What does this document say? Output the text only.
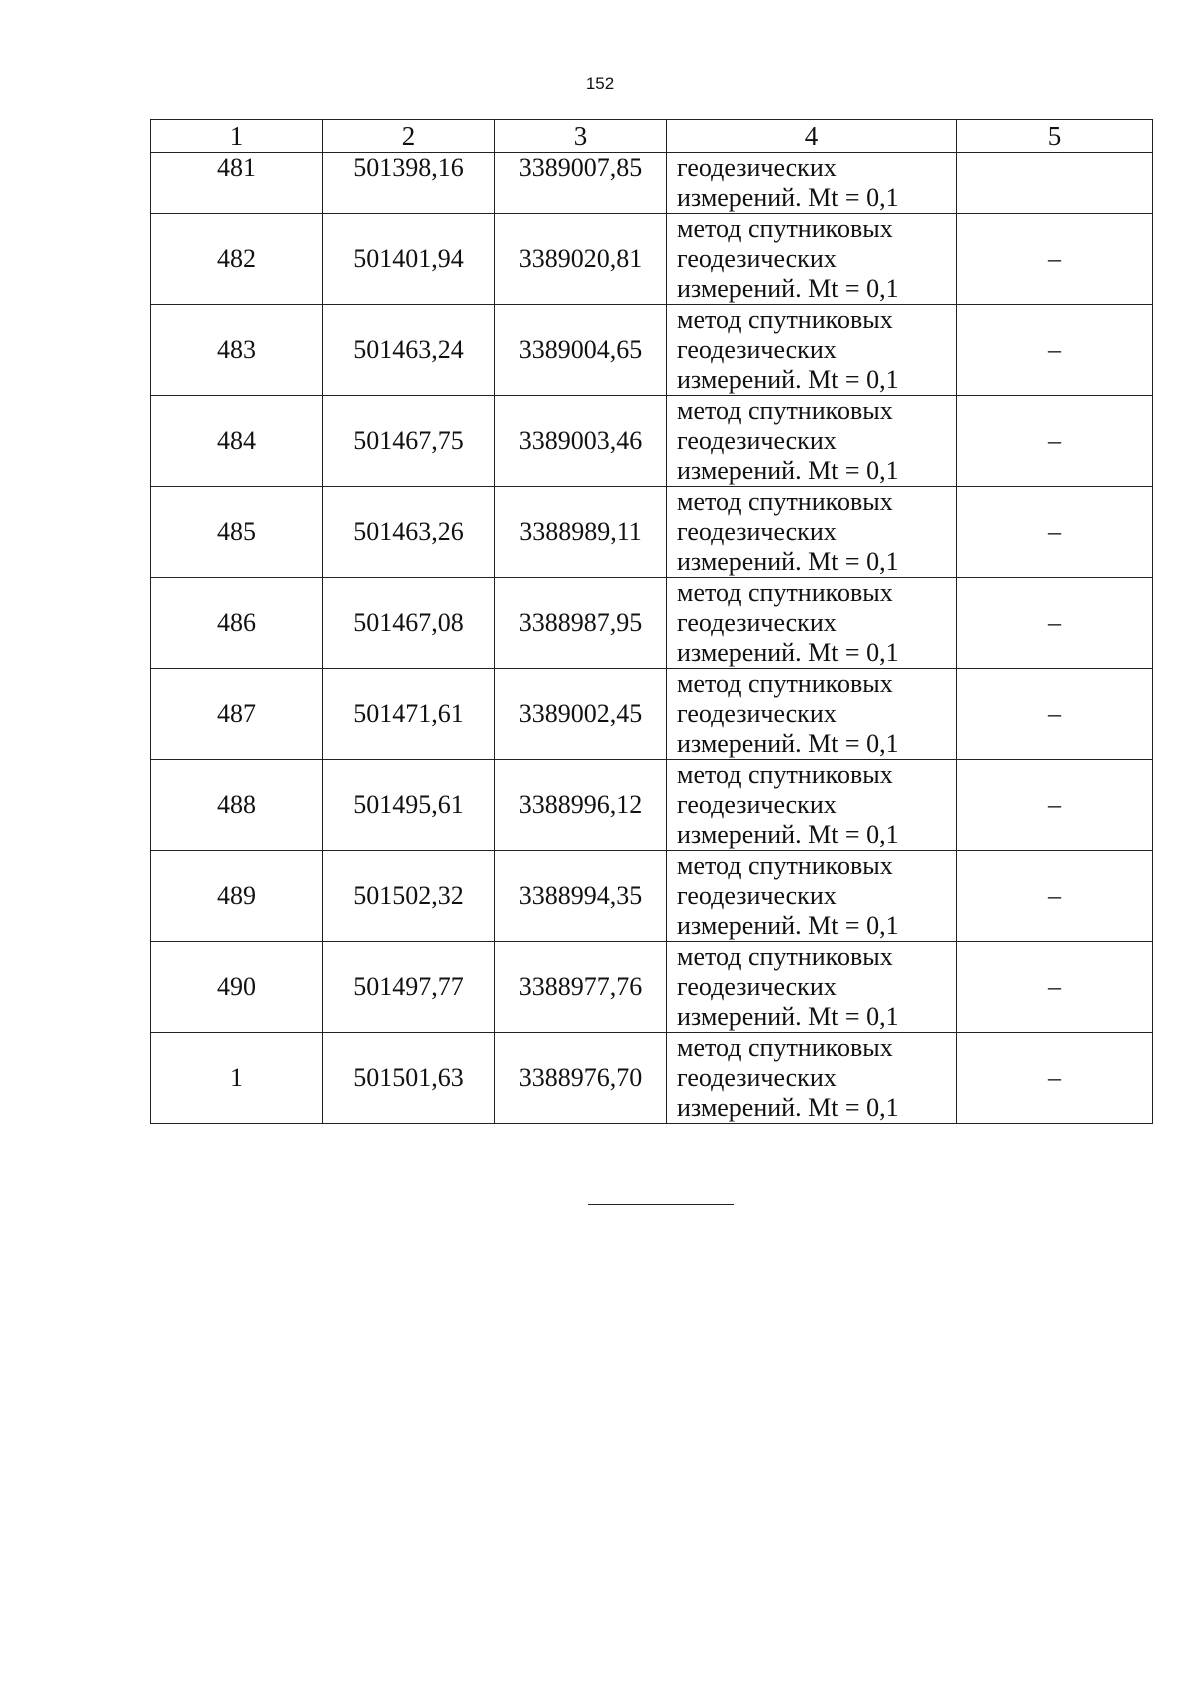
152
1	2	3	4	5
481	501398,16	3389007,85	геодезических
измерений. Mt = 0,1	

482	501401,94	3389020,81	метод спутниковых
геодезических
измерений. Mt = 0,1	–
483	501463,24	3389004,65	метод спутниковых
геодезических
измерений. Mt = 0,1	–
484	501467,75	3389003,46	метод спутниковых
геодезических
измерений. Mt = 0,1	–
485	501463,26	3388989,11	метод спутниковых
геодезических
измерений. Mt = 0,1	–
486	501467,08	3388987,95	метод спутниковых
геодезических
измерений. Mt = 0,1	–
487	501471,61	3389002,45	метод спутниковых
геодезических
измерений. Mt = 0,1	–
488	501495,61	3388996,12	метод спутниковых
геодезических
измерений. Mt = 0,1	–
489	501502,32	3388994,35	метод спутниковых
геодезических
измерений. Mt = 0,1	–
490	501497,77	3388977,76	метод спутниковых
геодезических
измерений. Mt = 0,1	–
1	501501,63	3388976,70	метод спутниковых
геодезических
измерений. Mt = 0,1	–
